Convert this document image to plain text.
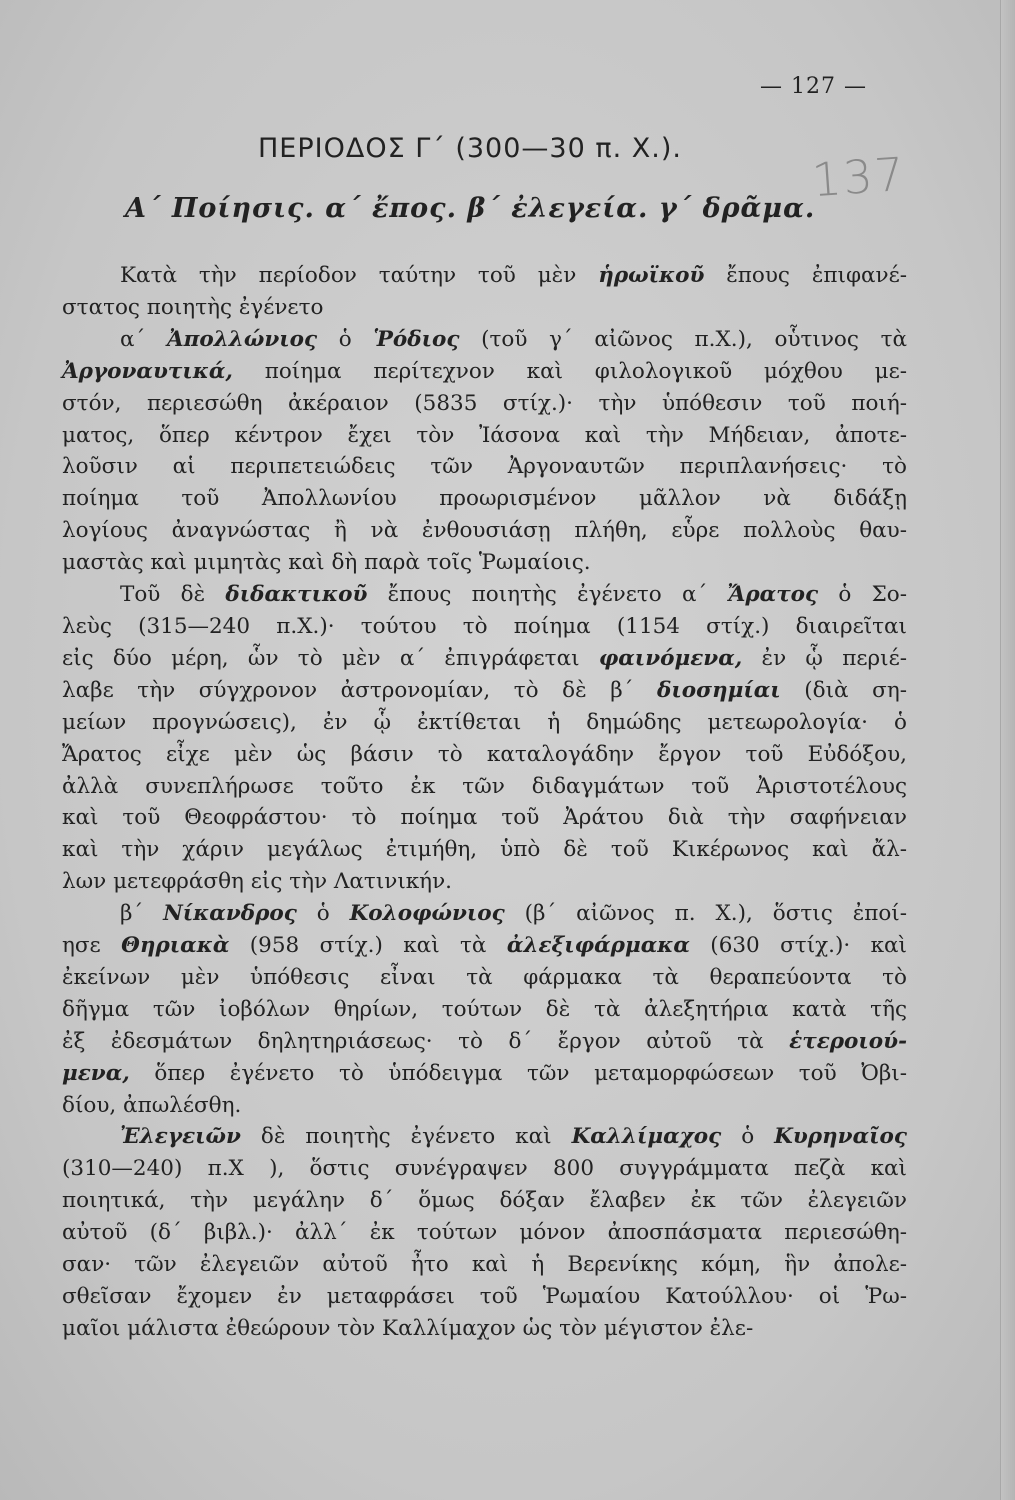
— 127 —
137
ΠΕΡΙΟΔΟΣ Γ΄ (300—30 π. Χ.).
Α΄ Ποίησις. α΄ ἔπος. β΄ ἐλεγεία. γ΄ δρᾶμα.
Κατὰ τὴν περίοδον ταύτην τοῦ μὲν ἡρωϊκοῦ ἔπους ἐπιφανέ-
στατος ποιητὴς ἐγένετο
α΄ Ἀπολλώνιος ὁ Ῥόδιος (τοῦ γ΄ αἰῶνος π.Χ.), οὗτινος τὰ
Ἀργοναυτικά, ποίημα περίτεχνον καὶ φιλολογικοῦ μόχθου με-
στόν, περιεσώθη ἀκέραιον (5835 στίχ.)· τὴν ὑπόθεσιν τοῦ ποιή-
ματος, ὅπερ κέντρον ἔχει τὸν Ἰάσονα καὶ τὴν Μήδειαν, ἀποτε-
λοῦσιν αἱ περιπετειώδεις τῶν Ἀργοναυτῶν περιπλανήσεις· τὸ
ποίημα τοῦ Ἀπολλωνίου προωρισμένον μᾶλλον νὰ διδάξῃ
λογίους ἀναγνώστας ἢ νὰ ἐνθουσιάσῃ πλήθη, εὗρε πολλοὺς θαυ-
μαστὰς καὶ μιμητὰς καὶ δὴ παρὰ τοῖς Ῥωμαίοις.
Τοῦ δὲ διδακτικοῦ ἔπους ποιητὴς ἐγένετο α΄ Ἄρατος ὁ Σο-
λεὺς (315—240 π.Χ.)· τούτου τὸ ποίημα (1154 στίχ.) διαιρεῖται
εἰς δύο μέρη, ὧν τὸ μὲν α΄ ἐπιγράφεται φαινόμενα, ἐν ᾧ περιέ-
λαβε τὴν σύγχρονον ἀστρονομίαν, τὸ δὲ β΄ διοσημίαι (διὰ ση-
μείων προγνώσεις), ἐν ᾧ ἐκτίθεται ἡ δημώδης μετεωρολογία· ὁ
Ἄρατος εἶχε μὲν ὡς βάσιν τὸ καταλογάδην ἔργον τοῦ Εὐδόξου,
ἀλλὰ συνεπλήρωσε τοῦτο ἐκ τῶν διδαγμάτων τοῦ Ἀριστοτέλους
καὶ τοῦ Θεοφράστου· τὸ ποίημα τοῦ Ἀράτου διὰ τὴν σαφήνειαν
καὶ τὴν χάριν μεγάλως ἐτιμήθη, ὑπὸ δὲ τοῦ Κικέρωνος καὶ ἄλ-
λων μετεφράσθη εἰς τὴν Λατινικήν.
β΄ Νίκανδρος ὁ Κολοφώνιος (β΄ αἰῶνος π. Χ.), ὅστις ἐποί-
ησε Θηριακὰ (958 στίχ.) καὶ τὰ ἀλεξιφάρμακα (630 στίχ.)· καὶ
ἐκείνων μὲν ὑπόθεσις εἶναι τὰ φάρμακα τὰ θεραπεύοντα τὸ
δῆγμα τῶν ἰοβόλων θηρίων, τούτων δὲ τὰ ἀλεξητήρια κατὰ τῆς
ἐξ ἐδεσμάτων δηλητηριάσεως· τὸ δ΄ ἔργον αὐτοῦ τὰ ἑτεροιού-
μενα, ὅπερ ἐγένετο τὸ ὑπόδειγμα τῶν μεταμορφώσεων τοῦ Ὀβι-
δίου, ἀπωλέσθη.
Ἐλεγειῶν δὲ ποιητὴς ἐγένετο καὶ Καλλίμαχος ὁ Κυρηναῖος
(310—240) π.Χ ), ὅστις συνέγραψεν 800 συγγράμματα πεζὰ καὶ
ποιητικά, τὴν μεγάλην δ΄ ὅμως δόξαν ἔλαβεν ἐκ τῶν ἐλεγειῶν
αὐτοῦ (δ΄ βιβλ.)· ἀλλ΄ ἐκ τούτων μόνον ἀποσπάσματα περιεσώθη-
σαν· τῶν ἐλεγειῶν αὐτοῦ ἦτο καὶ ἡ Βερενίκης κόμη, ἣν ἀπολε-
σθεῖσαν ἔχομεν ἐν μεταφράσει τοῦ Ῥωμαίου Κατούλλου· οἱ Ῥω-
μαῖοι μάλιστα ἐθεώρουν τὸν Καλλίμαχον ὡς τὸν μέγιστον ἐλε-
